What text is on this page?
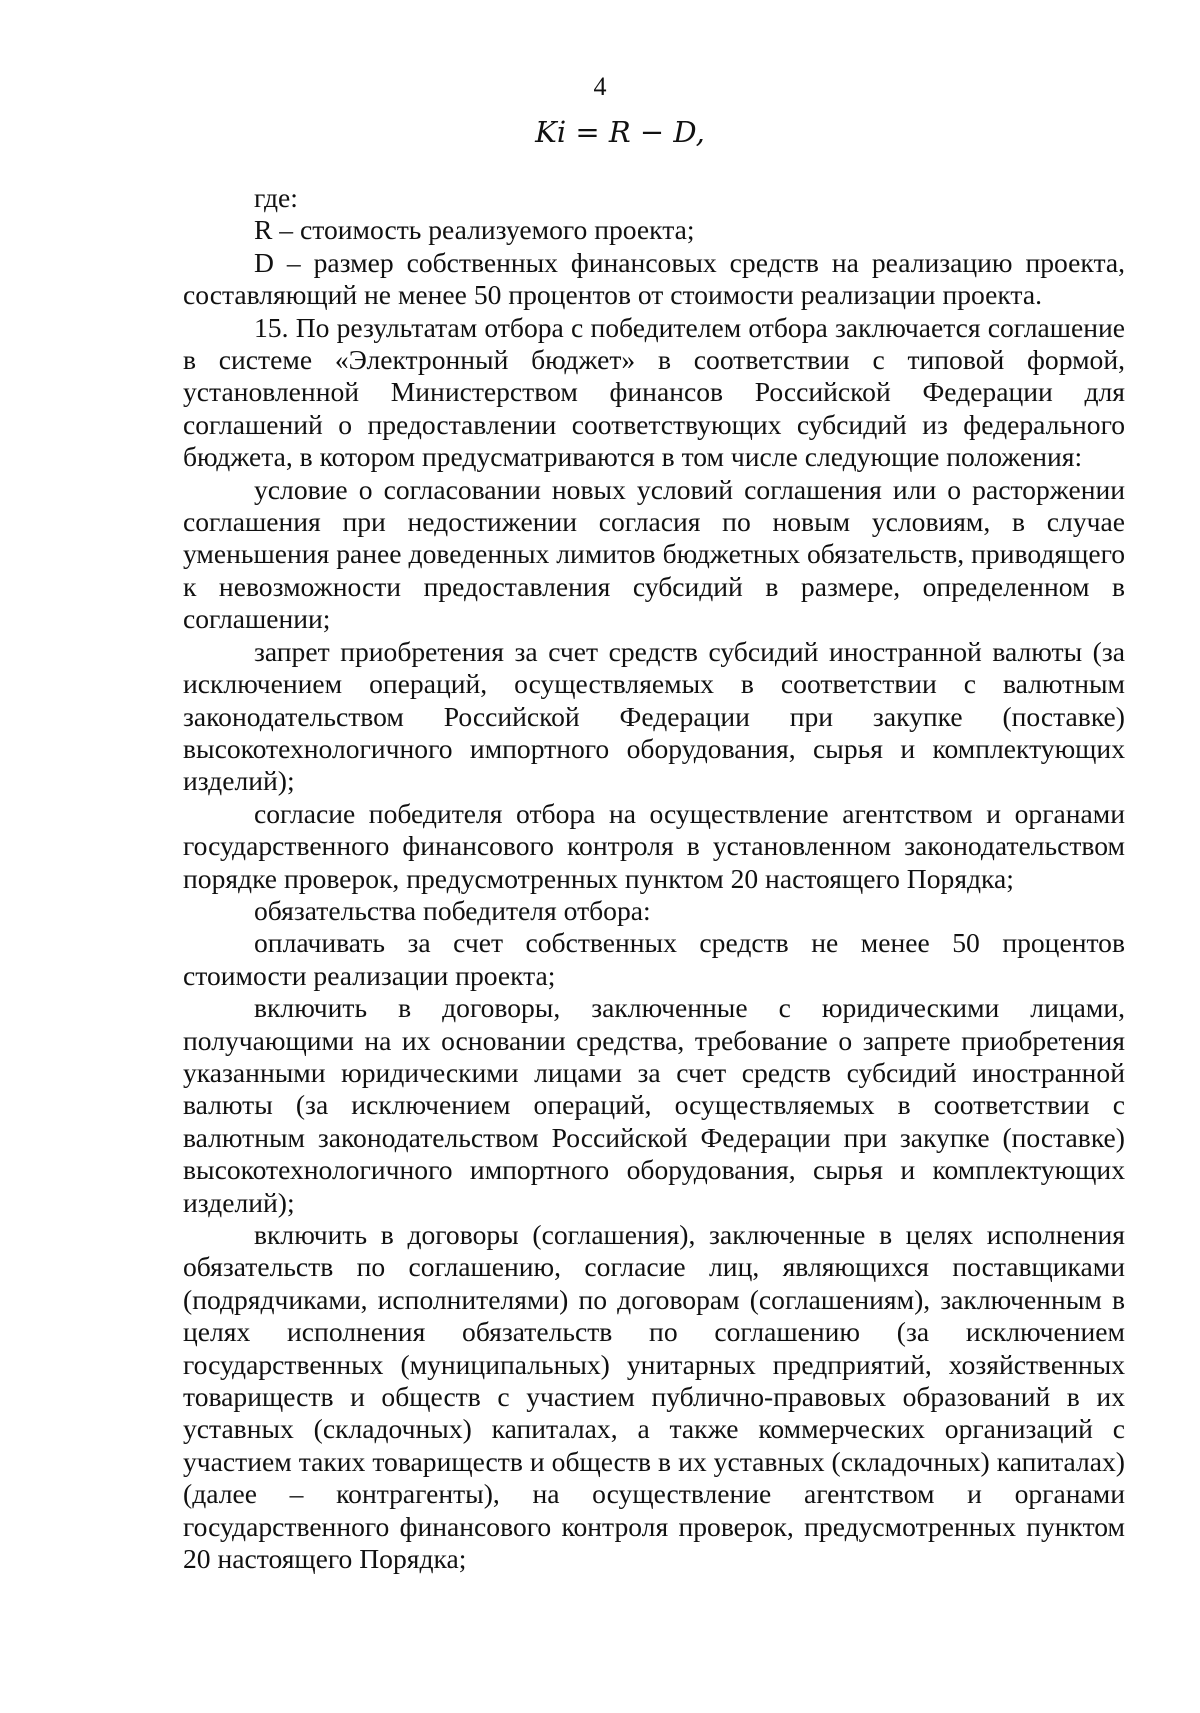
4
Ki = R − D,

где:

R – стоимость реализуемого проекта;

D – размер собственных финансовых средств на реализацию проекта, составляющий не менее 50 процентов от стоимости реализации проекта.

15. По результатам отбора с победителем отбора заключается соглашение в системе «Электронный бюджет» в соответствии с типовой формой, установленной Министерством финансов Российской Федерации для соглашений о предоставлении соответствующих субсидий из федерального бюджета, в котором предусматриваются в том числе следующие положения:

условие о согласовании новых условий соглашения или о расторжении соглашения при недостижении согласия по новым условиям, в случае уменьшения ранее доведенных лимитов бюджетных обязательств, приводящего к невозможности предоставления субсидий в размере, определенном в соглашении;

запрет приобретения за счет средств субсидий иностранной валюты (за исключением операций, осуществляемых в соответствии с валютным законодательством Российской Федерации при закупке (поставке) высокотехнологичного импортного оборудования, сырья и комплектующих изделий);

согласие победителя отбора на осуществление агентством и органами государственного финансового контроля в установленном законодательством порядке проверок, предусмотренных пунктом 20 настоящего Порядка;

обязательства победителя отбора:

оплачивать за счет собственных средств не менее 50 процентов стоимости реализации проекта;

включить в договоры, заключенные с юридическими лицами, получающими на их основании средства, требование о запрете приобретения указанными юридическими лицами за счет средств субсидий иностранной валюты (за исключением операций, осуществляемых в соответствии с валютным законодательством Российской Федерации при закупке (поставке) высокотехнологичного импортного оборудования, сырья и комплектующих изделий);

включить в договоры (соглашения), заключенные в целях исполнения обязательств по соглашению, согласие лиц, являющихся поставщиками (подрядчиками, исполнителями) по договорам (соглашениям), заключенным в целях исполнения обязательств по соглашению (за исключением государственных (муниципальных) унитарных предприятий, хозяйственных товариществ и обществ с участием публично-правовых образований в их уставных (складочных) капиталах, а также коммерческих организаций с участием таких товариществ и обществ в их уставных (складочных) капиталах) (далее – контрагенты), на осуществление агентством и органами государственного финансового контроля проверок, предусмотренных пунктом 20 настоящего Порядка;
